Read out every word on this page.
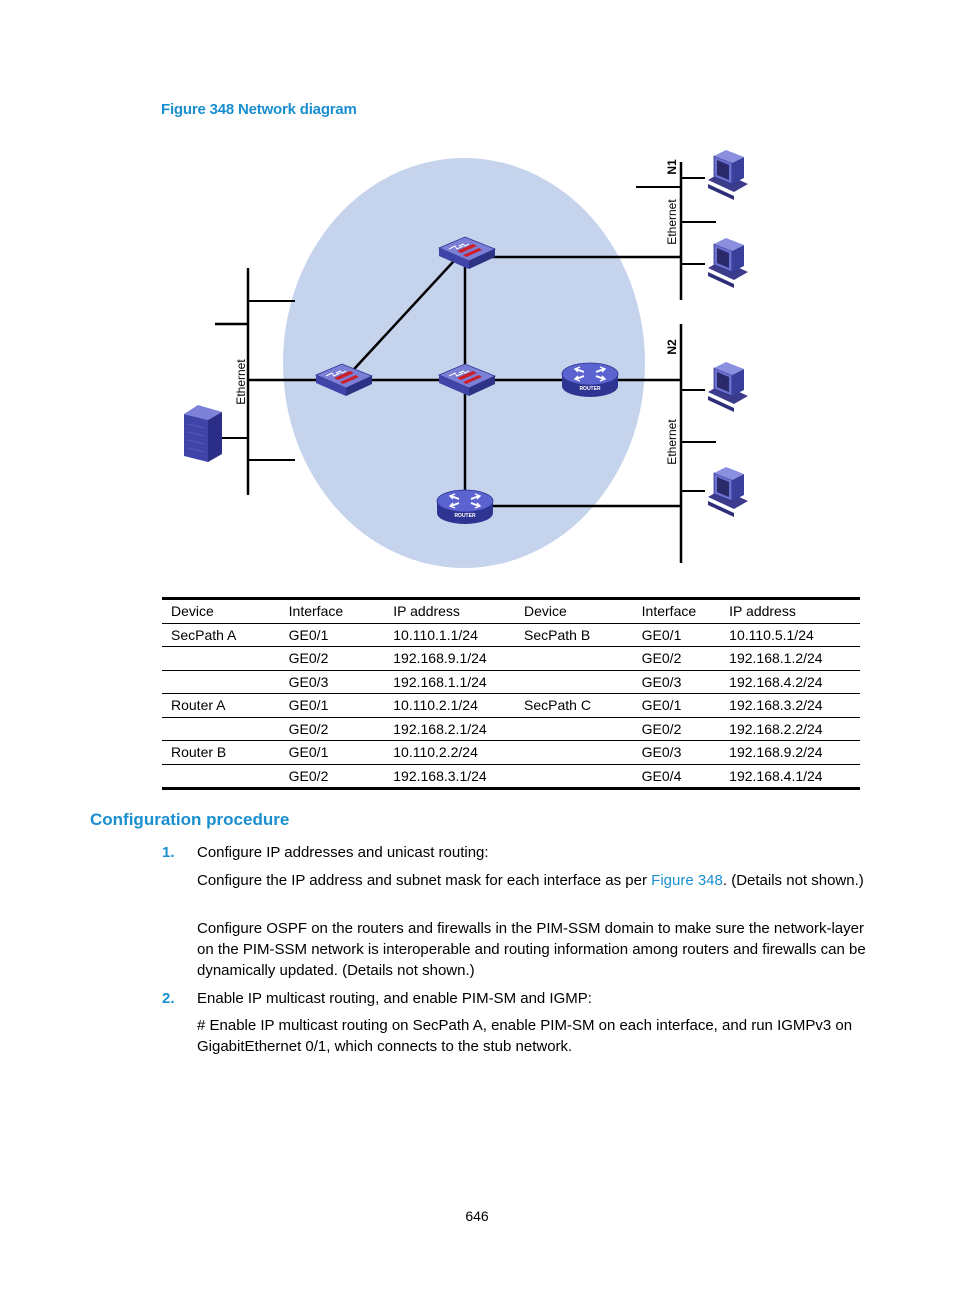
Figure 348 Network diagram
Ethernet
N1
Ethernet
N2
Ethernet
ROUTER
ROUTER
Device	Interface	IP address	Device	Interface	IP address
SecPath A	GE0/1	10.110.1.1/24	SecPath B	GE0/1	10.110.5.1/24
	GE0/2	192.168.9.1/24		GE0/2	192.168.1.2/24
	GE0/3	192.168.1.1/24		GE0/3	192.168.4.2/24
Router A	GE0/1	10.110.2.1/24	SecPath C	GE0/1	192.168.3.2/24
	GE0/2	192.168.2.1/24		GE0/2	192.168.2.2/24
Router B	GE0/1	10.110.2.2/24		GE0/3	192.168.9.2/24
	GE0/2	192.168.3.1/24		GE0/4	192.168.4.1/24
Configuration procedure
1. Configure IP addresses and unicast routing:
Configure the IP address and subnet mask for each interface as per Figure 348. (Details not shown.)
Configure OSPF on the routers and firewalls in the PIM-SSM domain to make sure the network-layer on the PIM-SSM network is interoperable and routing information among routers and firewalls can be dynamically updated. (Details not shown.)
2. Enable IP multicast routing, and enable PIM-SM and IGMP:
# Enable IP multicast routing on SecPath A, enable PIM-SM on each interface, and run IGMPv3 on GigabitEthernet 0/1, which connects to the stub network.
646
